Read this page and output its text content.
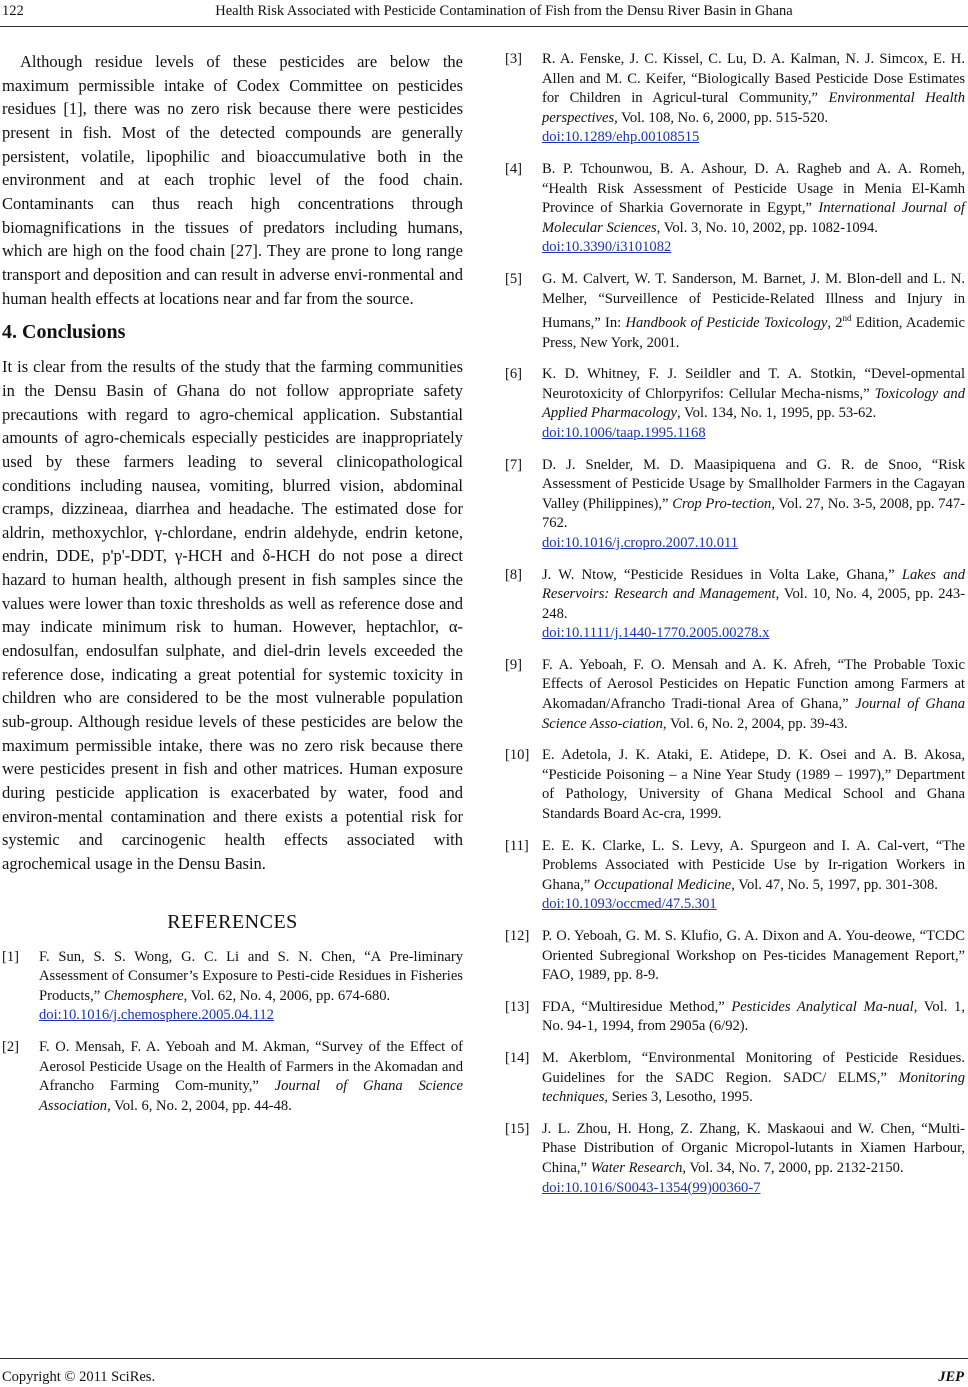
122	Health Risk Associated with Pesticide Contamination of Fish from the Densu River Basin in Ghana

Although residue levels of these pesticides are below the maximum permissible intake of Codex Committee on pesticides residues [1], there was no zero risk because there were pesticides present in fish. Most of the detected compounds are generally persistent, volatile, lipophilic and bioaccumulative both in the environment and at each trophic level of the food chain. Contaminants can thus reach high concentrations through biomagnifications in the tissues of predators including humans, which are high on the food chain [27]. They are prone to long range transport and deposition and can result in adverse envi-ronmental and human health effects at locations near and far from the source.

4. Conclusions

It is clear from the results of the study that the farming communities in the Densu Basin of Ghana do not follow appropriate safety precautions with regard to agro-chemical application. Substantial amounts of agro-chemicals especially pesticides are inappropriately used by these farmers leading to several clinicopathological conditions including nausea, vomiting, blurred vision, abdominal cramps, dizzineaa, diarrhea and headache. The estimated dose for aldrin, methoxychlor, γ-chlordane, endrin aldehyde, endrin ketone, endrin, DDE, p'p'-DDT, γ-HCH and δ-HCH do not pose a direct hazard to human health, although present in fish samples since the values were lower than toxic thresholds as well as reference dose and may indicate minimum risk to human. However, heptachlor, α-endosulfan, endosulfan sulphate, and diel-drin levels exceeded the reference dose, indicating a great potential for systemic toxicity in children who are considered to be the most vulnerable population sub-group. Although residue levels of these pesticides are below the maximum permissible intake, there was no zero risk because there were pesticides present in fish and other matrices. Human exposure during pesticide application is exacerbated by water, food and environ-mental contamination and there exists a potential risk for systemic and carcinogenic health effects associated with agrochemical usage in the Densu Basin.

REFERENCES
[1]	F. Sun, S. S. Wong, G. C. Li and S. N. Chen, “A Pre-liminary Assessment of Consumer’s Exposure to Pesti-cide Residues in Fisheries Products,” Chemosphere, Vol. 62, No. 4, 2006, pp. 674-680.
doi:10.1016/j.chemosphere.2005.04.112
[2]	F. O. Mensah, F. A. Yeboah and M. Akman, “Survey of the Effect of Aerosol Pesticide Usage on the Health of Farmers in the Akomadan and Afrancho Farming Com-munity,” Journal of Ghana Science Association, Vol. 6, No. 2, 2004, pp. 44-48.
[3]	R. A. Fenske, J. C. Kissel, C. Lu, D. A. Kalman, N. J. Simcox, E. H. Allen and M. C. Keifer, “Biologically Based Pesticide Dose Estimates for Children in Agricul-tural Community,” Environmental Health perspectives, Vol. 108, No. 6, 2000, pp. 515-520.
doi:10.1289/ehp.00108515
[4]	B. P. Tchounwou, B. A. Ashour, D. A. Ragheb and A. A. Romeh, “Health Risk Assessment of Pesticide Usage in Menia El-Kamh Province of Sharkia Governorate in Egypt,” International Journal of Molecular Sciences, Vol. 3, No. 10, 2002, pp. 1082-1094.
doi:10.3390/i3101082
[5]	G. M. Calvert, W. T. Sanderson, M. Barnet, J. M. Blon-dell and L. N. Melher, “Surveillence of Pesticide-Related Illness and Injury in Humans,” In: Handbook of Pesticide Toxicology, 2nd Edition, Academic Press, New York, 2001.
[6]	K. D. Whitney, F. J. Seildler and T. A. Stotkin, “Devel-opmental Neurotoxicity of Chlorpyrifos: Cellular Mecha-nisms,” Toxicology and Applied Pharmacology, Vol. 134, No. 1, 1995, pp. 53-62.
doi:10.1006/taap.1995.1168
[7]	D. J. Snelder, M. D. Maasipiquena and G. R. de Snoo, “Risk Assessment of Pesticide Usage by Smallholder Farmers in the Cagayan Valley (Philippines),” Crop Pro-tection, Vol. 27, No. 3-5, 2008, pp. 747-762.
doi:10.1016/j.cropro.2007.10.011
[8]	J. W. Ntow, “Pesticide Residues in Volta Lake, Ghana,” Lakes and Reservoirs: Research and Management, Vol. 10, No. 4, 2005, pp. 243-248.
doi:10.1111/j.1440-1770.2005.00278.x
[9]	F. A. Yeboah, F. O. Mensah and A. K. Afreh, “The Probable Toxic Effects of Aerosol Pesticides on Hepatic Function among Farmers at Akomadan/Afrancho Tradi-tional Area of Ghana,” Journal of Ghana Science Asso-ciation, Vol. 6, No. 2, 2004, pp. 39-43.
[10] E. Adetola, J. K. Ataki, E. Atidepe, D. K. Osei and A. B. Akosa, “Pesticide Poisoning – a Nine Year Study (1989 – 1997),” Department of Pathology, University of Ghana Medical School and Ghana Standards Board Ac-cra, 1999.
[11] E. E. K. Clarke, L. S. Levy, A. Spurgeon and I. A. Cal-vert, “The Problems Associated with Pesticide Use by Ir-rigation Workers in Ghana,” Occupational Medicine, Vol. 47, No. 5, 1997, pp. 301-308.
doi:10.1093/occmed/47.5.301
[12] P. O. Yeboah, G. M. S. Klufio, G. A. Dixon and A. You-deowe, “TCDC Oriented Subregional Workshop on Pes-ticides Management Report,” FAO, 1989, pp. 8-9.
[13] FDA, “Multiresidue Method,” Pesticides Analytical Ma-nual, Vol. 1, No. 94-1, 1994, from 2905a (6/92).
[14] M. Akerblom, “Environmental Monitoring of Pesticide Residues. Guidelines for the SADC Region. SADC/ ELMS,” Monitoring techniques, Series 3, Lesotho, 1995.
[15] J. L. Zhou, H. Hong, Z. Zhang, K. Maskaoui and W. Chen, “Multi-Phase Distribution of Organic Micropol-lutants in Xiamen Harbour, China,” Water Research, Vol. 34, No. 7, 2000, pp. 2132-2150.
doi:10.1016/S0043-1354(99)00360-7
Copyright © 2011 SciRes.	JEP
